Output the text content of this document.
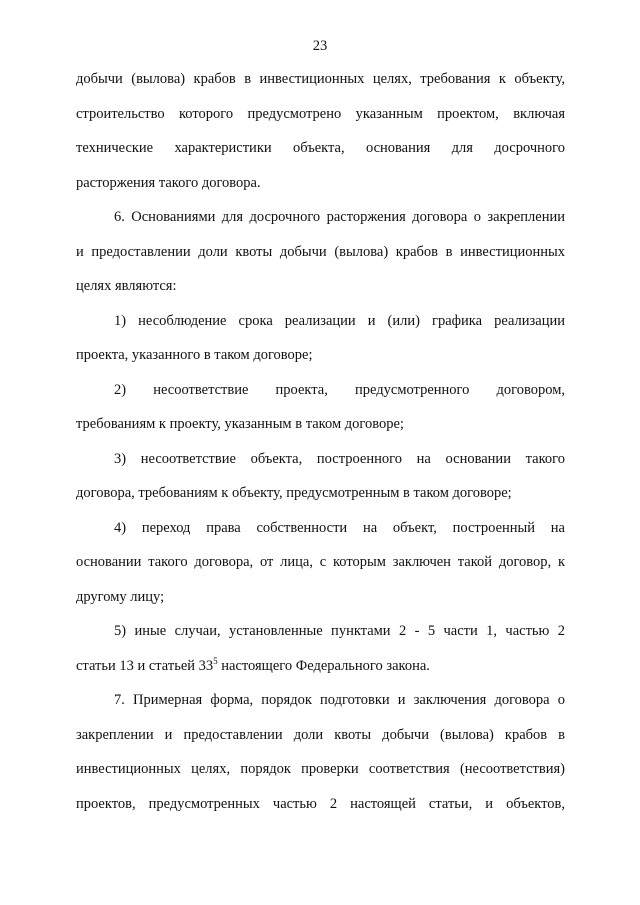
23
добычи (вылова) крабов в инвестиционных целях, требования к объекту,
строительство которого предусмотрено указанным проектом, включая
технические характеристики объекта, основания для досрочного
расторжения такого договора.
6. Основаниями для досрочного расторжения договора о закреплении
и предоставлении доли квоты добычи (вылова) крабов в инвестиционных
целях являются:
1) несоблюдение срока реализации и (или) графика реализации
проекта, указанного в таком договоре;
2) несоответствие проекта, предусмотренного договором,
требованиям к проекту, указанным в таком договоре;
3) несоответствие объекта, построенного на основании такого
договора, требованиям к объекту, предусмотренным в таком договоре;
4) переход права собственности на объект, построенный на
основании такого договора, от лица, с которым заключен такой договор, к
другому лицу;
5) иные случаи, установленные пунктами 2 - 5 части 1, частью 2
статьи 13 и статьей $33^5$ настоящего Федерального закона.
7. Примерная форма, порядок подготовки и заключения договора о
закреплении и предоставлении доли квоты добычи (вылова) крабов в
инвестиционных целях, порядок проверки соответствия (несоответствия)
проектов, предусмотренных частью 2 настоящей статьи, и объектов,
